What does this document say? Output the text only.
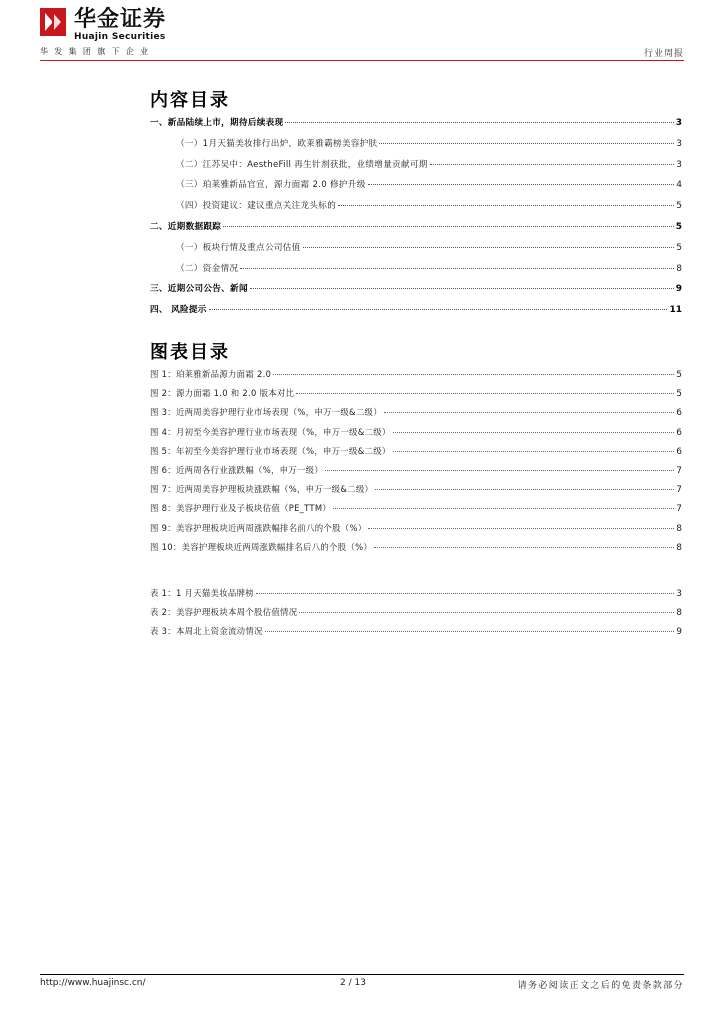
华金证券
Huajin Securities
华发集团旗下企业	行业周报
内容目录
一、新品陆续上市，期待后续表现	3
（一）1月天猫美妆排行出炉，欧莱雅霸榜美容护肤	3
（二）江苏吴中：AestheFill 再生针剂获批，业绩增量贡献可期	3
（三）珀莱雅新品官宣，源力面霜 2.0 修护升级	4
（四）投资建议：建议重点关注龙头标的	5
二、近期数据跟踪	5
（一）板块行情及重点公司估值	5
（二）资金情况	8
三、近期公司公告、新闻	9
四、 风险提示	11
图表目录
图 1：珀莱雅新品源力面霜 2.0	5
图 2：源力面霜 1.0 和 2.0 版本对比	5
图 3：近两周美容护理行业市场表现（%，申万一级&二级）	6
图 4：月初至今美容护理行业市场表现（%，申万一级&二级）	6
图 5：年初至今美容护理行业市场表现（%，申万一级&二级）	6
图 6：近两周各行业涨跌幅（%，申万一级）	7
图 7：近两周美容护理板块涨跌幅（%，申万一级&二级）	7
图 8：美容护理行业及子板块估值（PE_TTM）	7
图 9：美容护理板块近两周涨跌幅排名前八的个股（%）	8
图 10：美容护理板块近两周涨跌幅排名后八的个股（%）	8
表 1：1 月天猫美妆品牌榜	3
表 2：美容护理板块本周个股估值情况	8
表 3：本周北上资金流动情况	9
http://www.huajinsc.cn/	2 / 13	请务必阅读正文之后的免责条款部分
